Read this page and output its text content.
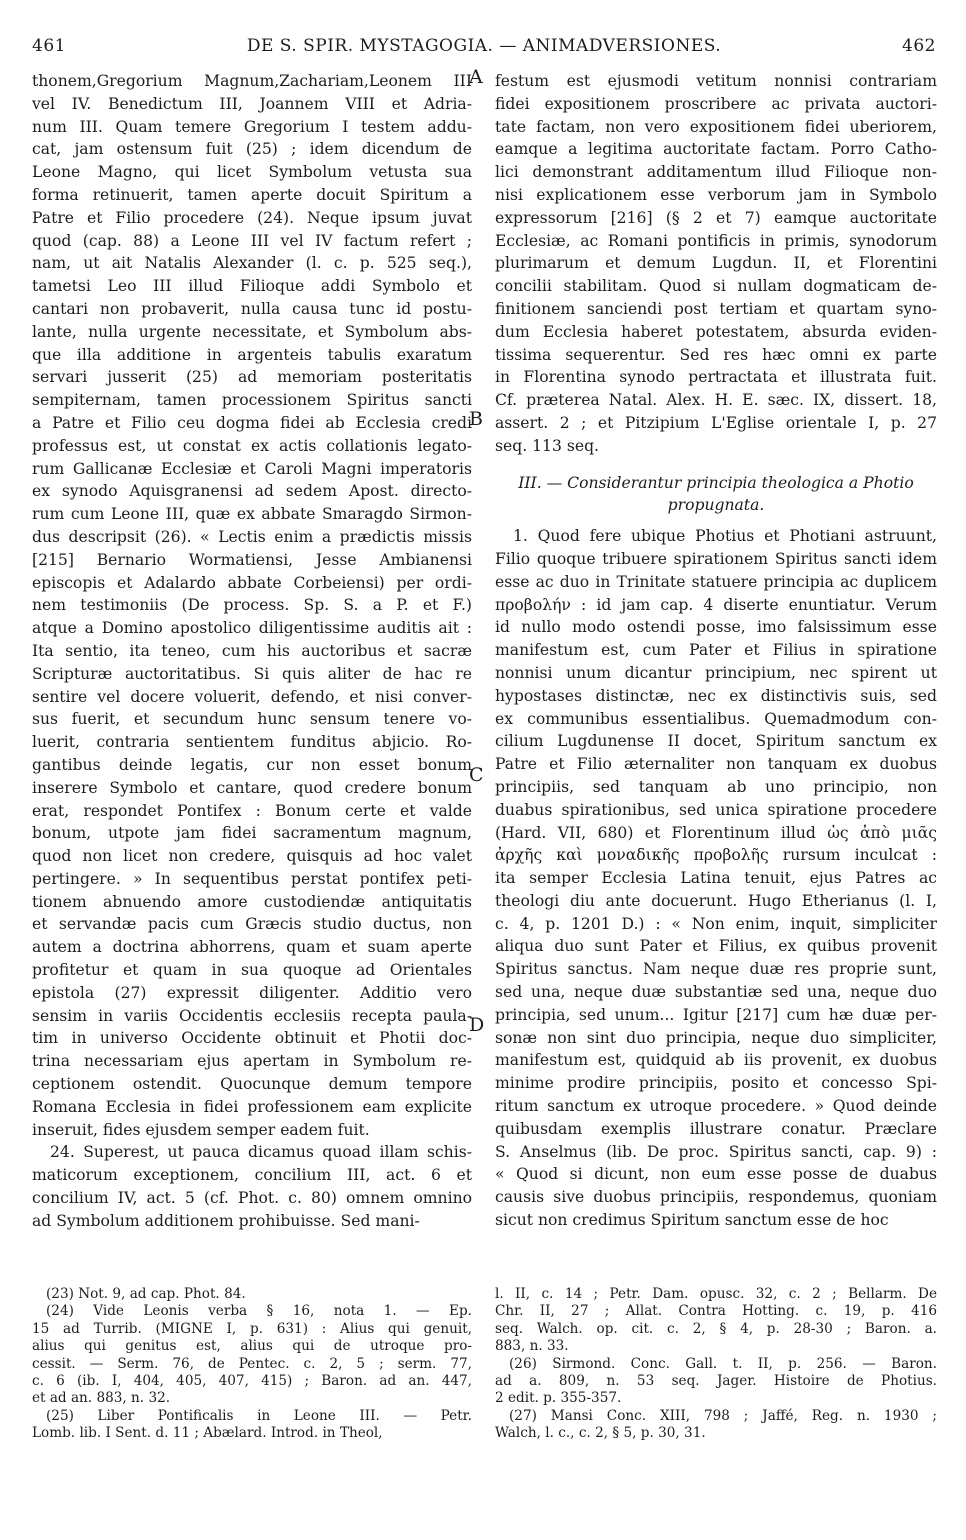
461	DE S. SPIR. MYSTAGOGIA. — ANIMADVERSIONES.	462
A
B
C
D
thonem,Gregorium Magnum,Zachariam,Leonem III
vel IV. Benedictum III, Joannem VIII et Adria-
num III. Quam temere Gregorium I testem addu-
cat, jam ostensum fuit (25) ; idem dicendum de
Leone Magno, qui licet Symbolum vetusta sua
forma retinuerit, tamen aperte docuit Spiritum a
Patre et Filio procedere (24). Neque ipsum juvat
quod (cap. 88) a Leone III vel IV factum refert ;
nam, ut ait Natalis Alexander (l. c. p. 525 seq.),
tametsi Leo III illud Filioque addi Symbolo et
cantari non probaverit, nulla causa tunc id postu-
lante, nulla urgente necessitate, et Symbolum abs-
que illa additione in argenteis tabulis exaratum
servari jusserit (25) ad memoriam posteritatis
sempiternam, tamen processionem Spiritus sancti
a Patre et Filio ceu dogma fidei ab Ecclesia credi
professus est, ut constat ex actis collationis legato-
rum Gallicanæ Ecclesiæ et Caroli Magni imperatoris
ex synodo Aquisgranensi ad sedem Apost. directo-
rum cum Leone III, quæ ex abbate Smaragdo Sirmon-
dus descripsit (26). « Lectis enim a prædictis missis
[215] Bernario Wormatiensi, Jesse Ambianensi
episcopis et Adalardo abbate Corbeiensi) per ordi-
nem testimoniis (De process. Sp. S. a P. et F.)
atque a Domino apostolico diligentissime auditis ait :
Ita sentio, ita teneo, cum his auctoribus et sacræ
Scripturæ auctoritatibus. Si quis aliter de hac re
sentire vel docere voluerit, defendo, et nisi conver-
sus fuerit, et secundum hunc sensum tenere vo-
luerit, contraria sentientem funditus abjicio. Ro-
gantibus deinde legatis, cur non esset bonum
inserere Symbolo et cantare, quod credere bonum
erat, respondet Pontifex : Bonum certe et valde
bonum, utpote jam fidei sacramentum magnum,
quod non licet non credere, quisquis ad hoc valet
pertingere. » In sequentibus perstat pontifex peti-
tionem abnuendo amore custodiendæ antiquitatis
et servandæ pacis cum Græcis studio ductus, non
autem a doctrina abhorrens, quam et suam aperte
profitetur et quam in sua quoque ad Orientales
epistola (27) expressit diligenter. Additio vero
sensim in variis Occidentis ecclesiis recepta paula-
tim in universo Occidente obtinuit et Photii doc-
trina necessariam ejus apertam in Symbolum re-
ceptionem ostendit. Quocunque demum tempore
Romana Ecclesia in fidei professionem eam explicite
inseruit, fides ejusdem semper eadem fuit.
24. Superest, ut pauca dicamus quoad illam schis-
maticorum exceptionem, concilium III, act. 6 et
concilium IV, act. 5 (cf. Phot. c. 80) omnem omnino
ad Symbolum additionem prohibuisse. Sed mani-
festum est ejusmodi vetitum nonnisi contrariam
fidei expositionem proscribere ac privata auctori-
tate factam, non vero expositionem fidei uberiorem,
eamque a legitima auctoritate factam. Porro Catho-
lici demonstrant additamentum illud Filioque non-
nisi explicationem esse verborum jam in Symbolo
expressorum [216] (§ 2 et 7) eamque auctoritate
Ecclesiæ, ac Romani pontificis in primis, synodorum
plurimarum et demum Lugdun. II, et Florentini
concilii stabilitam. Quod si nullam dogmaticam de-
finitionem sanciendi post tertiam et quartam syno-
dum Ecclesia haberet potestatem, absurda eviden-
tissima sequerentur. Sed res hæc omni ex parte
in Florentina synodo pertractata et illustrata fuit.
Cf. præterea Natal. Alex. H. E. sæc. IX, dissert. 18,
assert. 2 ; et Pitzipium L'Eglise orientale I, p. 27
seq. 113 seq.
III. — Considerantur principia theologica a Photio
propugnata.
1. Quod fere ubique Photius et Photiani astruunt,
Filio quoque tribuere spirationem Spiritus sancti idem
esse ac duo in Trinitate statuere principia ac duplicem
προβολήν : id jam cap. 4 diserte enuntiatur. Verum
id nullo modo ostendi posse, imo falsissimum esse
manifestum est, cum Pater et Filius in spiratione
nonnisi unum dicantur principium, nec spirent ut
hypostases distinctæ, nec ex distinctivis suis, sed
ex communibus essentialibus. Quemadmodum con-
cilium Lugdunense II docet, Spiritum sanctum ex
Patre et Filio æternaliter non tanquam ex duobus
principiis, sed tanquam ab uno principio, non
duabus spirationibus, sed unica spiratione procedere
(Hard. VII, 680) et Florentinum illud ὡς ἀπὸ μιᾶς
ἀρχῆς καὶ μοναδικῆς προβολῆς rursum inculcat :
ita semper Ecclesia Latina tenuit, ejus Patres ac
theologi diu ante docuerunt. Hugo Etherianus (l. I,
c. 4, p. 1201 D.) : « Non enim, inquit, simpliciter
aliqua duo sunt Pater et Filius, ex quibus provenit
Spiritus sanctus. Nam neque duæ res proprie sunt,
sed una, neque duæ substantiæ sed una, neque duo
principia, sed unum... Igitur [217] cum hæ duæ per-
sonæ non sint duo principia, neque duo simpliciter,
manifestum est, quidquid ab iis provenit, ex duobus
minime prodire principiis, posito et concesso Spi-
ritum sanctum ex utroque procedere. » Quod deinde
quibusdam exemplis illustrare conatur. Præclare
S. Anselmus (lib. De proc. Spiritus sancti, cap. 9) :
« Quod si dicunt, non eum esse posse de duabus
causis sive duobus principiis, respondemus, quoniam
sicut non credimus Spiritum sanctum esse de hoc
(23) Not. 9, ad cap. Phot. 84.
(24) Vide Leonis verba § 16, nota 1. — Ep.
15 ad Turrib. (MIGNE I, p. 631) : Alius qui genuit,
alius qui genitus est, alius qui de utroque pro-
cessit. — Serm. 76, de Pentec. c. 2, 5 ; serm. 77,
c. 6 (ib. I, 404, 405, 407, 415) ; Baron. ad an. 447,
et ad an. 883, n. 32.
(25) Liber Pontificalis in Leone III. — Petr.
Lomb. lib. I Sent. d. 11 ; Abælard. Introd. in Theol,
l. II, c. 14 ; Petr. Dam. opusc. 32, c. 2 ; Bellarm. De
Chr. II, 27 ; Allat. Contra Hotting. c. 19, p. 416
seq. Walch. op. cit. c. 2, § 4, p. 28-30 ; Baron. a.
883, n. 33.
(26) Sirmond. Conc. Gall. t. II, p. 256. — Baron.
ad a. 809, n. 53 seq. Jager. Histoire de Photius.
2 edit. p. 355-357.
(27) Mansi Conc. XIII, 798 ; Jaffé, Reg. n. 1930 ;
Walch, l. c., c. 2, § 5, p. 30, 31.
